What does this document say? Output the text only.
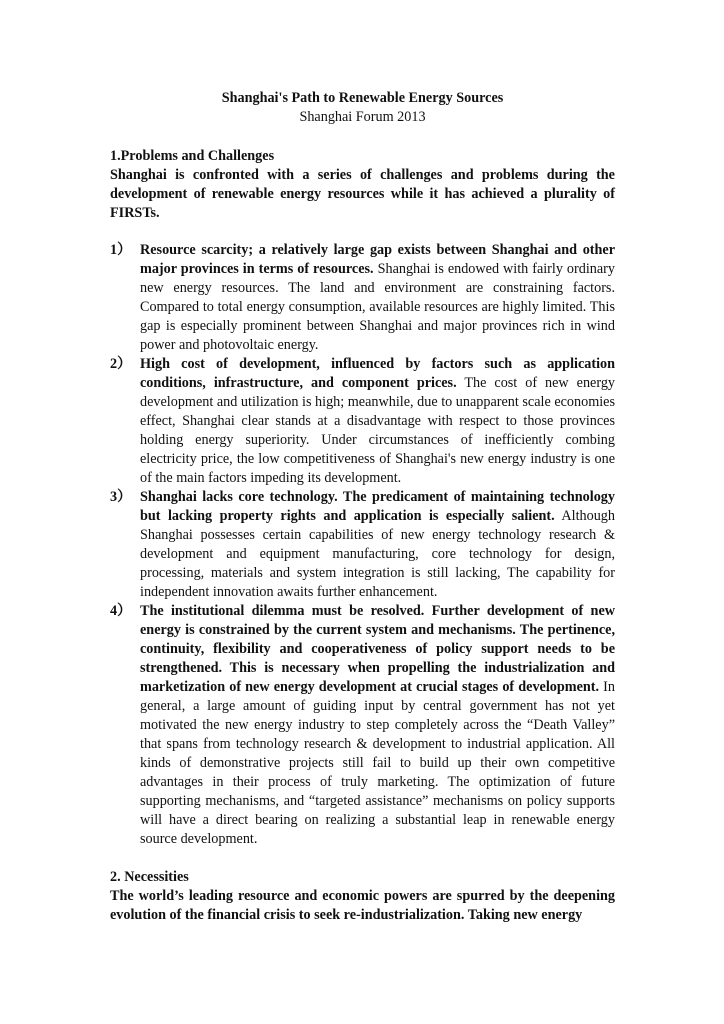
Shanghai's Path to Renewable Energy Sources

Shanghai Forum 2013

1.Problems and Challenges

Shanghai is confronted with a series of challenges and problems during the development of renewable energy resources while it has achieved a plurality of FIRSTs.

1） Resource scarcity; a relatively large gap exists between Shanghai and other major provinces in terms of resources. Shanghai is endowed with fairly ordinary new energy resources. The land and environment are constraining factors. Compared to total energy consumption, available resources are highly limited. This gap is especially prominent between Shanghai and major provinces rich in wind power and photovoltaic energy.
2） High cost of development, influenced by factors such as application conditions, infrastructure, and component prices. The cost of new energy development and utilization is high; meanwhile, due to unapparent scale economies effect, Shanghai clear stands at a disadvantage with respect to those provinces holding energy superiority. Under circumstances of inefficiently combing electricity price, the low competitiveness of Shanghai's new energy industry is one of the main factors impeding its development.
3） Shanghai lacks core technology. The predicament of maintaining technology but lacking property rights and application is especially salient. Although Shanghai possesses certain capabilities of new energy technology research & development and equipment manufacturing, core technology for design, processing, materials and system integration is still lacking, The capability for independent innovation awaits further enhancement.
4） The institutional dilemma must be resolved. Further development of new energy is constrained by the current system and mechanisms. The pertinence, continuity, flexibility and cooperativeness of policy support needs to be strengthened. This is necessary when propelling the industrialization and marketization of new energy development at crucial stages of development. In general, a large amount of guiding input by central government has not yet motivated the new energy industry to step completely across the “Death Valley” that spans from technology research & development to industrial application. All kinds of demonstrative projects still fail to build up their own competitive advantages in their process of truly marketing. The optimization of future supporting mechanisms, and “targeted assistance” mechanisms on policy supports will have a direct bearing on realizing a substantial leap in renewable energy source development.

2. Necessities

The world’s leading resource and economic powers are spurred by the deepening evolution of the financial crisis to seek re-industrialization. Taking new energy
